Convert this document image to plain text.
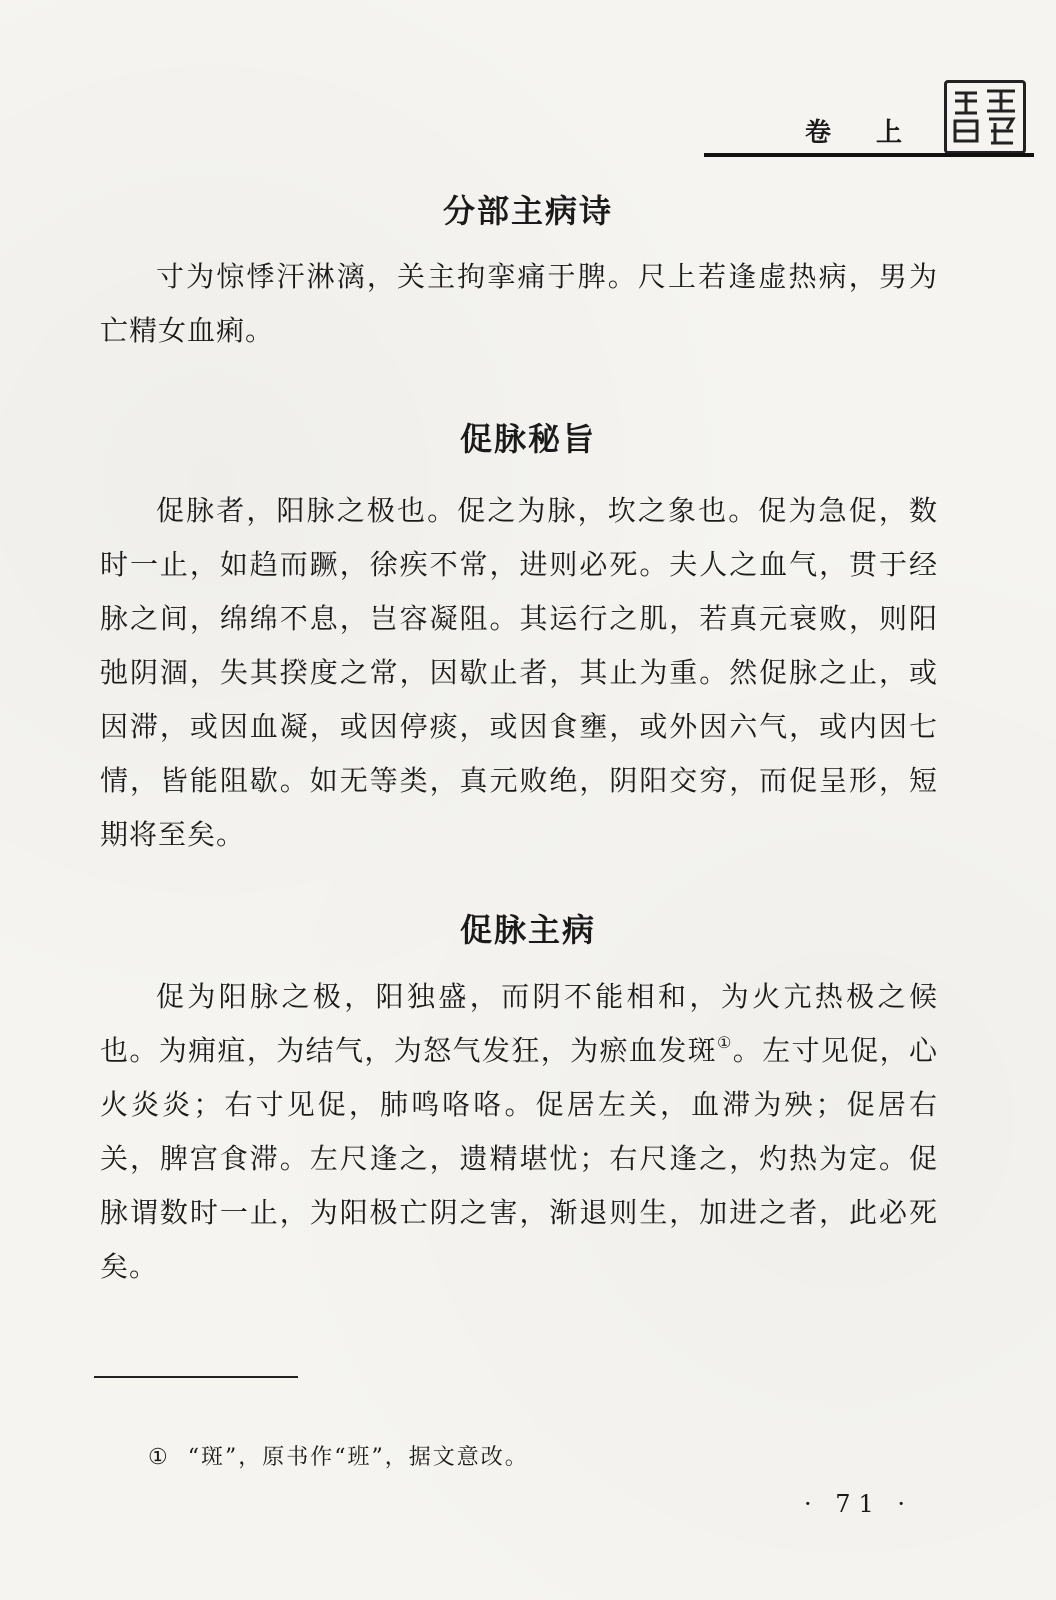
卷 上
分部主病诗
寸为惊悸汗淋漓，关主拘挛痛于脾。尺上若逢虚热病，男为亡精女血痢。
促脉秘旨
促脉者，阳脉之极也。促之为脉，坎之象也。促为急促，数时一止，如趋而蹶，徐疾不常，进则必死。夫人之血气，贯于经脉之间，绵绵不息，岂容凝阻。其运行之肌，若真元衰败，则阳弛阴涸，失其揆度之常，因歇止者，其止为重。然促脉之止，或因滞，或因血凝，或因停痰，或因食壅，或外因六气，或内因七情，皆能阻歇。如无等类，真元败绝，阴阳交穷，而促呈形，短期将至矣。
促脉主病
促为阳脉之极，阳独盛，而阴不能相和，为火亢热极之候也。为痈疽，为结气，为怒气发狂，为瘀血发斑①。左寸见促，心火炎炎；右寸见促，肺鸣咯咯。促居左关，血滞为殃；促居右关，脾宫食滞。左尺逢之，遗精堪忧；右尺逢之，灼热为定。促脉谓数时一止，为阳极亡阴之害，渐退则生，加进之者，此必死矣。
① “斑”，原书作“班”，据文意改。
· 71 ·
